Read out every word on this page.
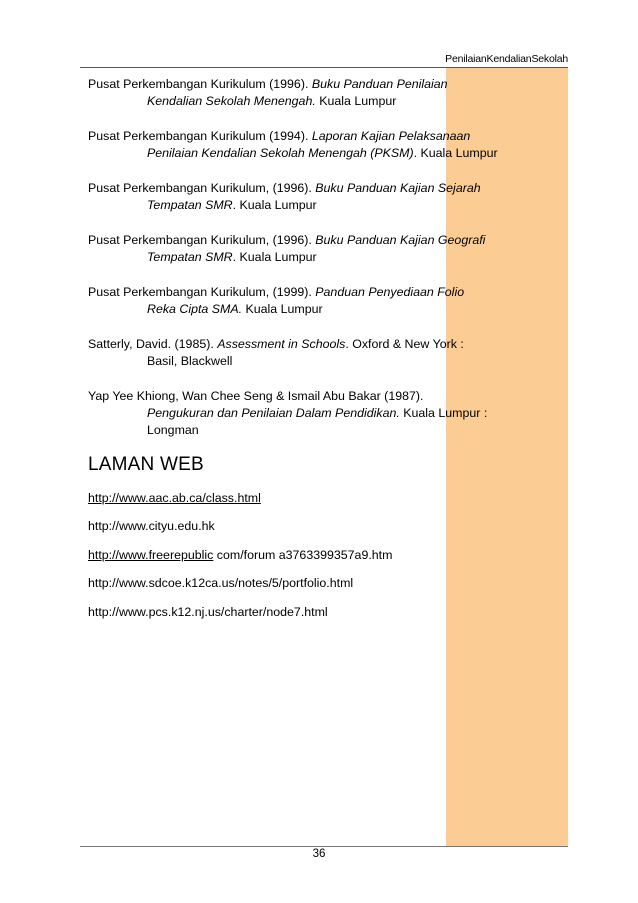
PenilaianKendalianSekolah
Pusat Perkembangan Kurikulum (1996). Buku Panduan Penilaian
Kendalian Sekolah Menengah. Kuala Lumpur
Pusat Perkembangan Kurikulum (1994). Laporan Kajian Pelaksanaan
Penilaian Kendalian Sekolah Menengah (PKSM). Kuala Lumpur
Pusat Perkembangan Kurikulum, (1996). Buku Panduan Kajian Sejarah
Tempatan SMR. Kuala Lumpur
Pusat Perkembangan Kurikulum, (1996). Buku Panduan Kajian Geografi
Tempatan SMR. Kuala Lumpur
Pusat Perkembangan Kurikulum, (1999). Panduan Penyediaan Folio
Reka Cipta SMA. Kuala Lumpur
Satterly, David. (1985). Assessment in Schools. Oxford & New York :
Basil, Blackwell
Yap Yee Khiong, Wan Chee Seng & Ismail Abu Bakar (1987).
Pengukuran dan Penilaian Dalam Pendidikan. Kuala Lumpur :
Longman
LAMAN WEB
http://www.aac.ab.ca/class.html
http://www.cityu.edu.hk
http://www.freerepublic com/forum a3763399357a9.htm
http://www.sdcoe.k12ca.us/notes/5/portfolio.html
http://www.pcs.k12.nj.us/charter/node7.html
36
